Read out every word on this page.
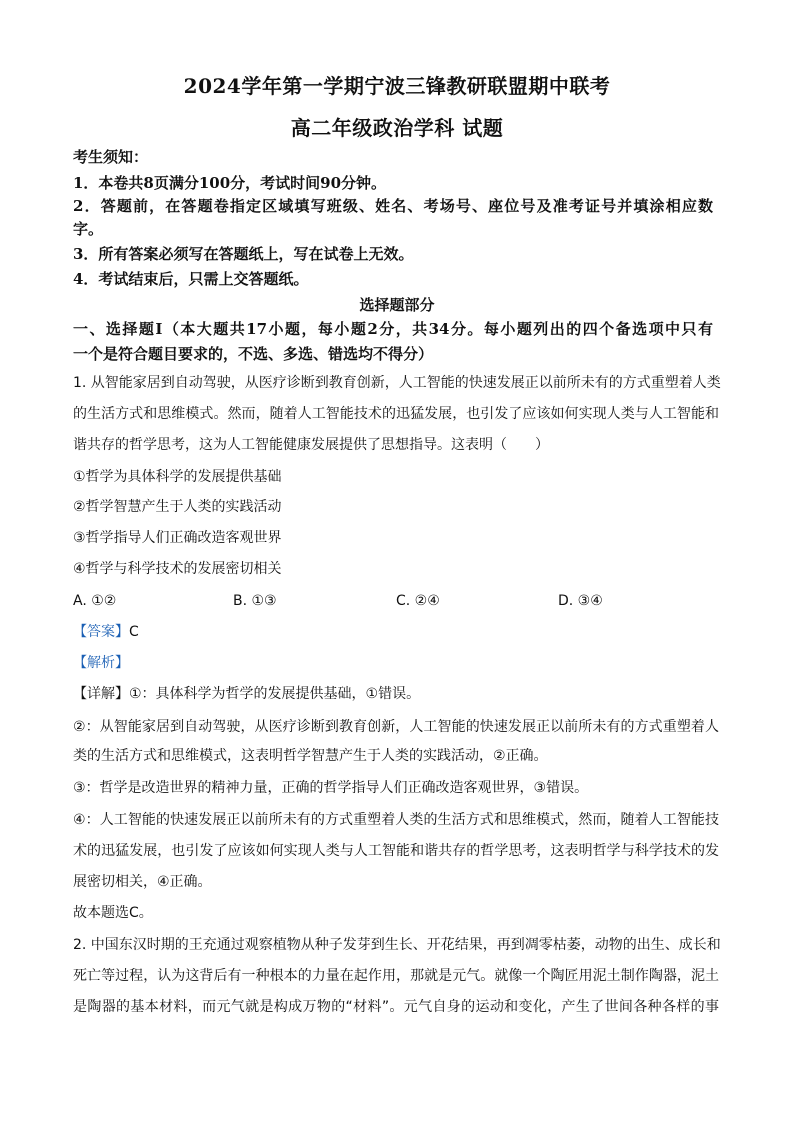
2024学年第一学期宁波三锋教研联盟期中联考
高二年级政治学科 试题
考生须知：
1．本卷共8页满分100分，考试时间90分钟。
2．答题前，在答题卷指定区域填写班级、姓名、考场号、座位号及准考证号并填涂相应数
字。
3．所有答案必须写在答题纸上，写在试卷上无效。
4．考试结束后，只需上交答题纸。
选择题部分
一、选择题Ⅰ（本大题共17小题，每小题2分，共34分。每小题列出的四个备选项中只有
一个是符合题目要求的，不选、多选、错选均不得分）
1. 从智能家居到自动驾驶，从医疗诊断到教育创新，人工智能的快速发展正以前所未有的方式重塑着人类
的生活方式和思维模式。然而，随着人工智能技术的迅猛发展，也引发了应该如何实现人类与人工智能和
谐共存的哲学思考，这为人工智能健康发展提供了思想指导。这表明（　　）
①哲学为具体科学的发展提供基础
②哲学智慧产生于人类的实践活动
③哲学指导人们正确改造客观世界
④哲学与科学技术的发展密切相关
A. ①②	B. ①③	C. ②④	D. ③④
【答案】C
【解析】
【详解】①：具体科学为哲学的发展提供基础，①错误。
②：从智能家居到自动驾驶，从医疗诊断到教育创新，人工智能的快速发展正以前所未有的方式重塑着人
类的生活方式和思维模式，这表明哲学智慧产生于人类的实践活动，②正确。
③：哲学是改造世界的精神力量，正确的哲学指导人们正确改造客观世界，③错误。
④：人工智能的快速发展正以前所未有的方式重塑着人类的生活方式和思维模式，然而，随着人工智能技
术的迅猛发展，也引发了应该如何实现人类与人工智能和谐共存的哲学思考，这表明哲学与科学技术的发
展密切相关，④正确。
故本题选C。
2. 中国东汉时期的王充通过观察植物从种子发芽到生长、开花结果，再到凋零枯萎，动物的出生、成长和
死亡等过程，认为这背后有一种根本的力量在起作用，那就是元气。就像一个陶匠用泥土制作陶器，泥土
是陶器的基本材料，而元气就是构成万物的“材料”。元气自身的运动和变化，产生了世间各种各样的事
